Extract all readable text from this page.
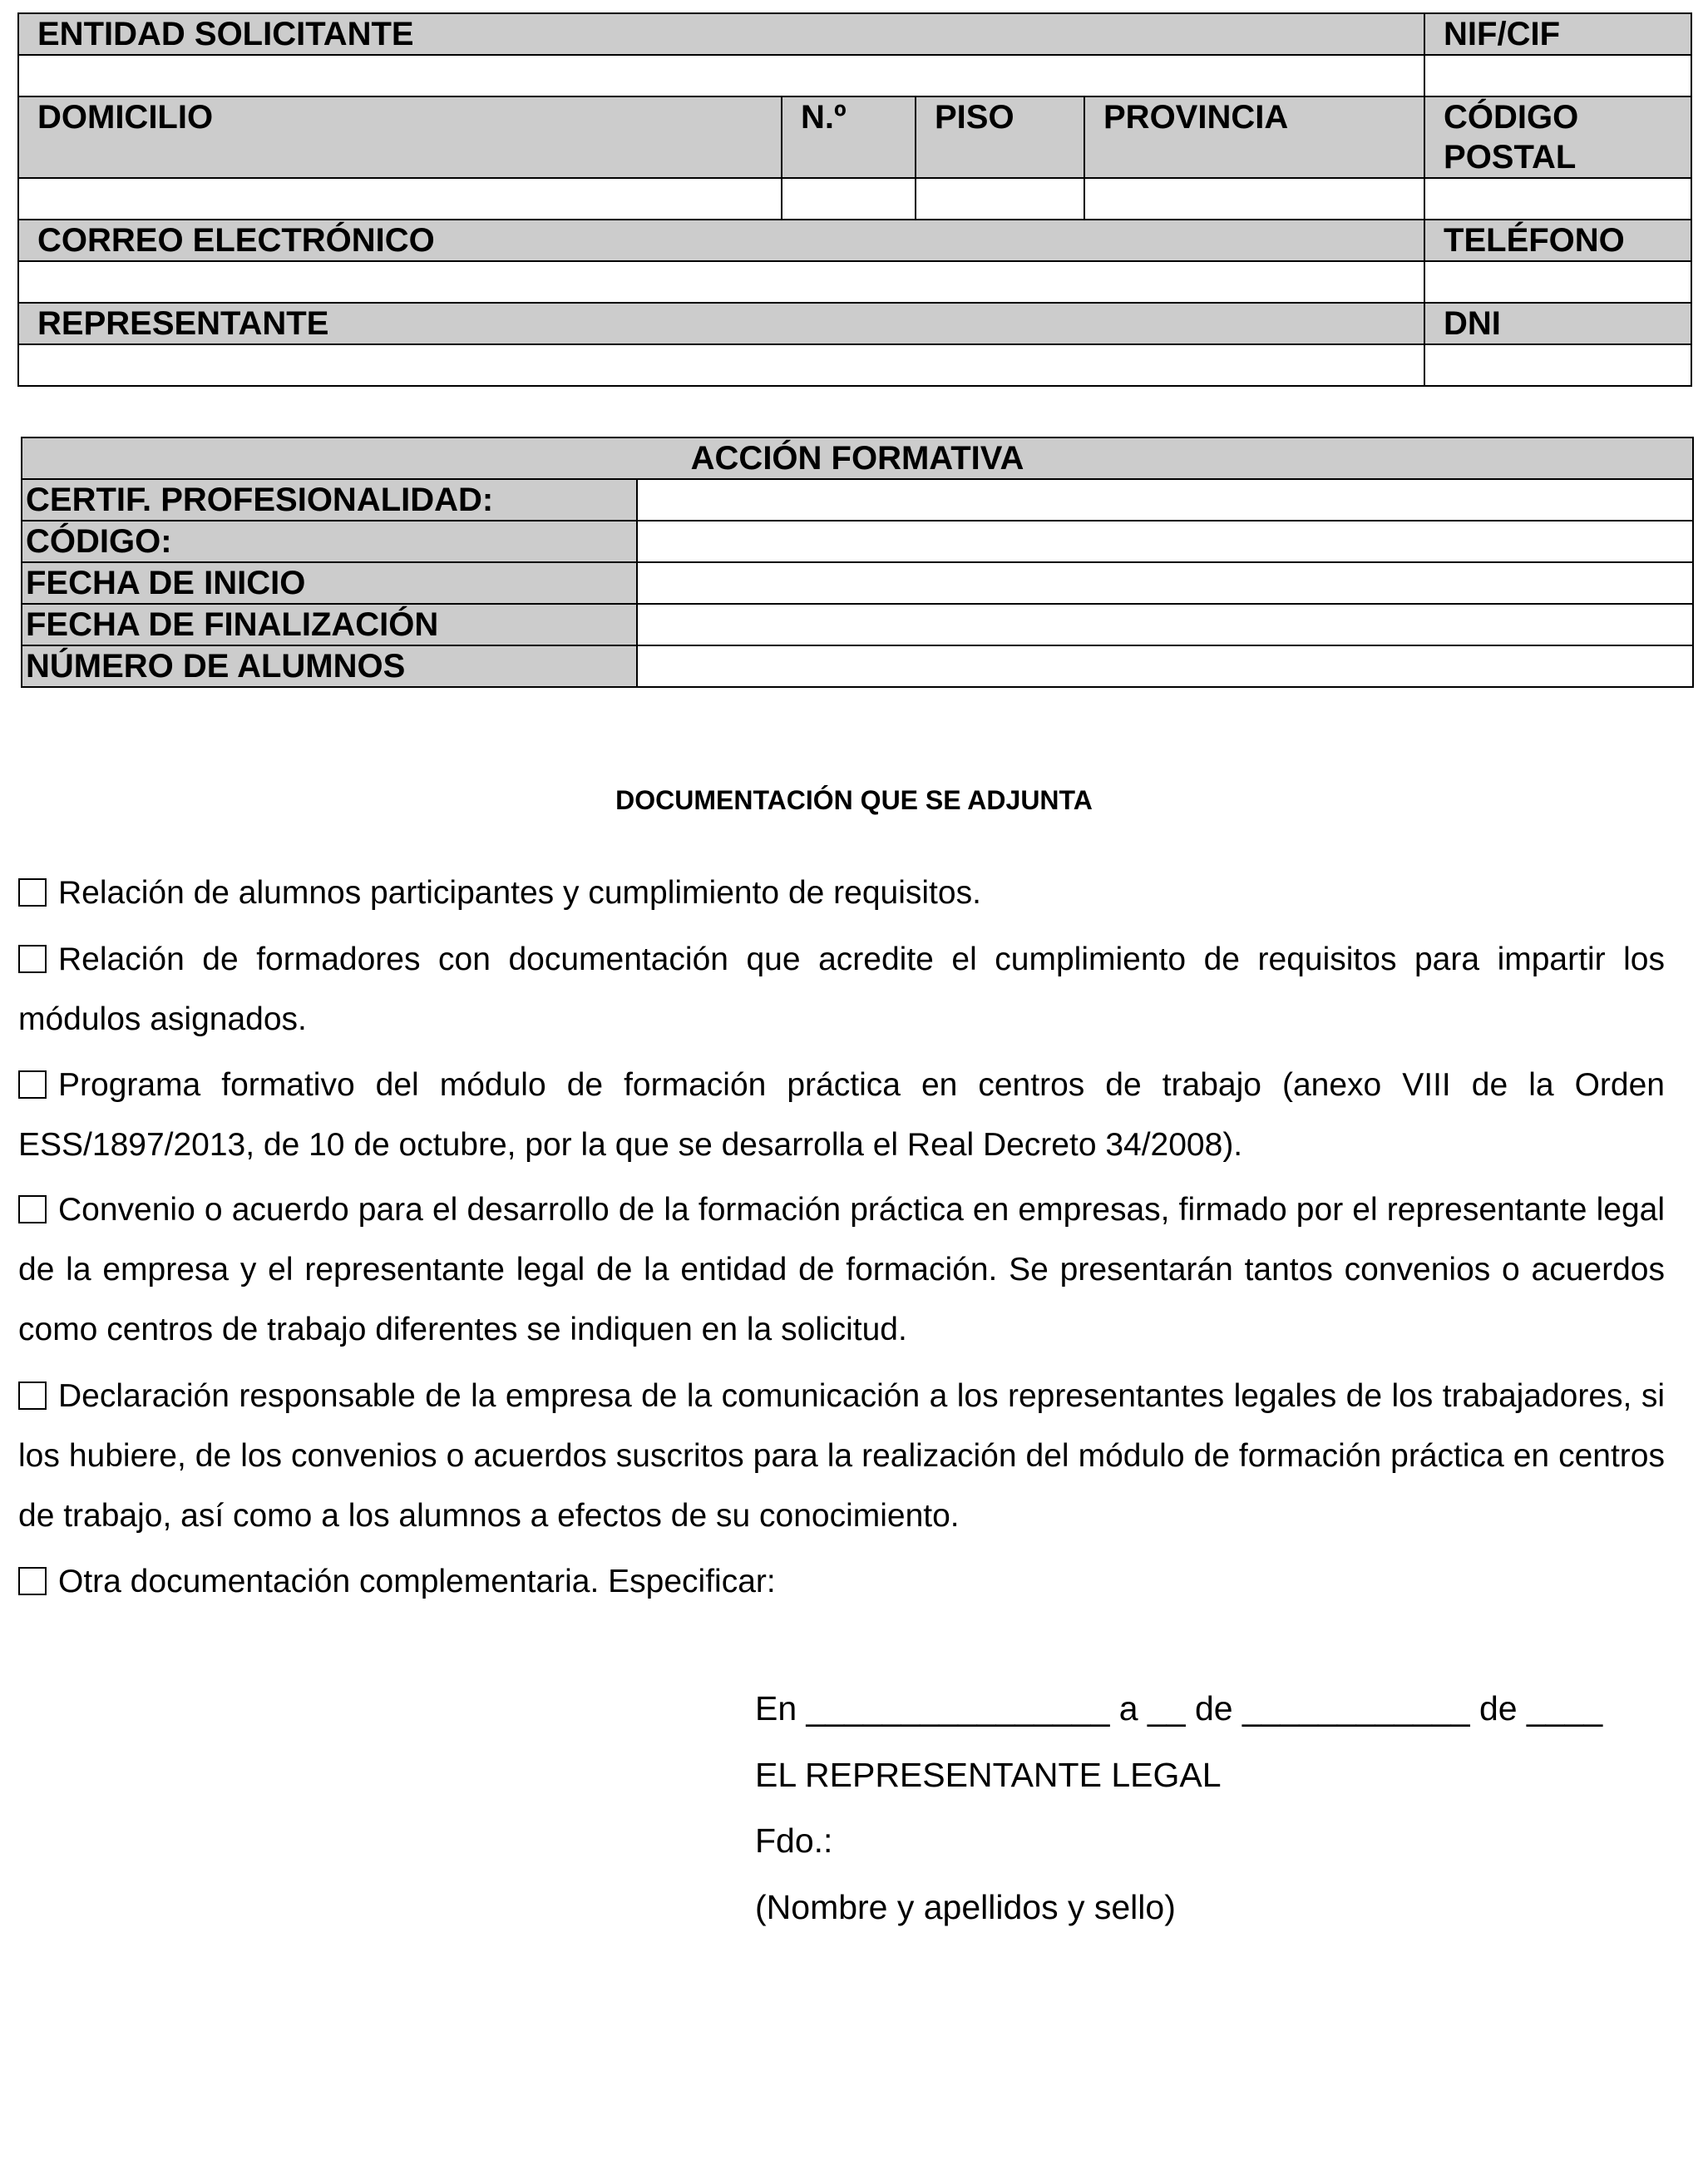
ENTIDAD SOLICITANTE				NIF/CIF

DOMICILIO	N.º	PISO	PROVINCIA	CÓDIGO POSTAL

CORREO ELECTRÓNICO				TELÉFONO

REPRESENTANTE				DNI

ACCIÓN FORMATIVA	
CERTIF. PROFESIONALIDAD:	
CÓDIGO:	
FECHA DE INICIO	
FECHA DE FINALIZACIÓN	
NÚMERO DE ALUMNOS	
DOCUMENTACIÓN QUE SE ADJUNTA
Relación de alumnos participantes y cumplimiento de requisitos.
Relación de formadores con documentación que acredite el cumplimiento de requisitos para impartir los módulos asignados.
Programa formativo del módulo de formación práctica en centros de trabajo (anexo VIII de la Orden ESS/1897/2013, de 10 de octubre, por la que se desarrolla el Real Decreto 34/2008).
Convenio o acuerdo para el desarrollo de la formación práctica en empresas, firmado por el representante legal de la empresa y el representante legal de la entidad de formación. Se presentarán tantos convenios o acuerdos como centros de trabajo diferentes se indiquen en la solicitud.
Declaración responsable de la empresa de la comunicación a los representantes legales de los trabajadores, si los hubiere, de los convenios o acuerdos suscritos para la realización del módulo de formación práctica en centros de trabajo, así como a los alumnos a efectos de su conocimiento.
Otra documentación complementaria. Especificar:
En ________________ a __ de ____________ de ____
EL REPRESENTANTE LEGAL
Fdo.:
(Nombre y apellidos y sello)
